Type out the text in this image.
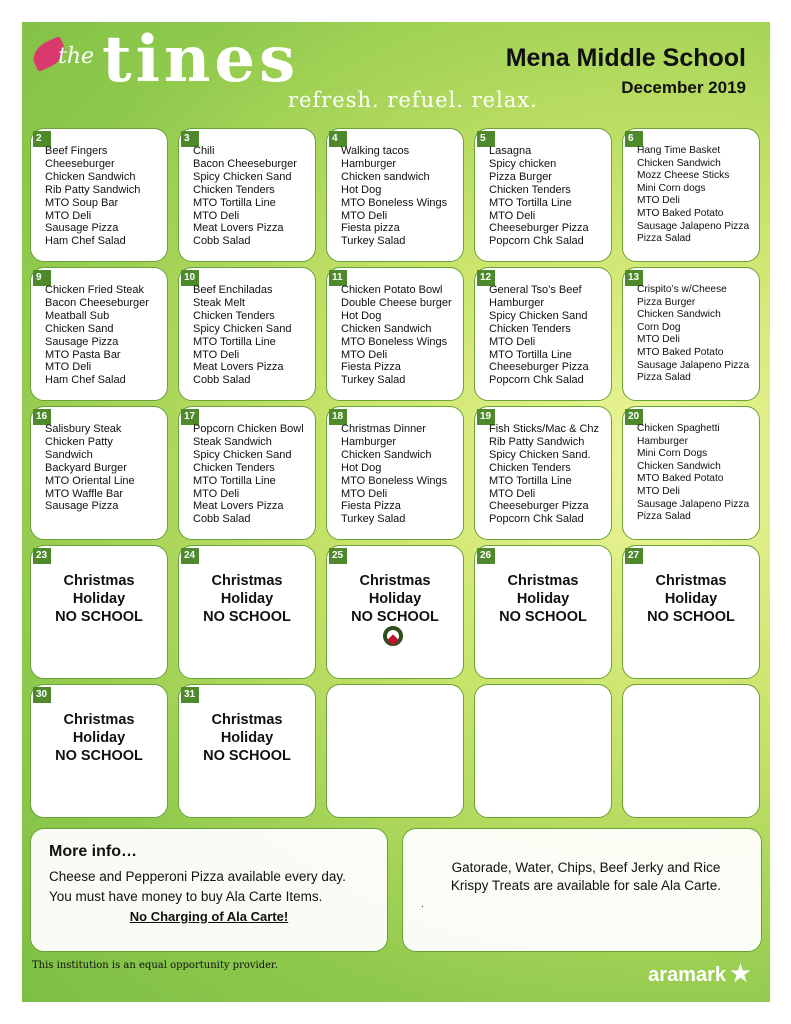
the tines
refresh. refuel. relax.
Mena Middle School
December 2019
2
Beef Fingers
Cheeseburger
Chicken Sandwich
Rib Patty Sandwich
MTO Soup Bar
MTO Deli
Sausage Pizza
Ham Chef Salad
3
Chili
Bacon Cheeseburger
Spicy Chicken Sand
Chicken Tenders
MTO Tortilla Line
MTO Deli
Meat Lovers Pizza
Cobb Salad
4
Walking tacos
Hamburger
Chicken sandwich
Hot Dog
MTO Boneless Wings
MTO Deli
Fiesta pizza
Turkey Salad
5
Lasagna
Spicy chicken
Pizza Burger
Chicken Tenders
MTO Tortilla Line
MTO Deli
Cheeseburger Pizza
Popcorn Chk Salad
6
Hang Time Basket
Chicken Sandwich
Mozz Cheese Sticks
Mini Corn dogs
MTO Deli
MTO Baked Potato
Sausage Jalapeno Pizza
Pizza Salad
9
Chicken Fried Steak
Bacon Cheeseburger
Meatball Sub
Chicken Sand
Sausage Pizza
MTO Pasta Bar
MTO Deli
Ham Chef Salad
10
Beef Enchiladas
Steak Melt
Chicken Tenders
Spicy Chicken Sand
MTO Tortilla Line
MTO Deli
Meat Lovers Pizza
Cobb Salad
11
Chicken Potato Bowl
Double Cheese burger
Hot Dog
Chicken Sandwich
MTO Boneless Wings
MTO Deli
Fiesta Pizza
Turkey Salad
12
General Tso’s Beef
Hamburger
Spicy Chicken Sand
Chicken Tenders
MTO Deli
MTO Tortilla Line
Cheeseburger Pizza
Popcorn Chk Salad
13
Crispito’s w/Cheese
Pizza Burger
Chicken Sandwich
Corn Dog
MTO Deli
MTO Baked Potato
Sausage Jalapeno Pizza
Pizza Salad
16
Salisbury Steak
Chicken Patty
Sandwich
Backyard Burger
MTO Oriental Line
MTO Waffle Bar
Sausage Pizza
17
Popcorn Chicken Bowl
Steak Sandwich
Spicy Chicken Sand
Chicken Tenders
MTO Tortilla Line
MTO Deli
Meat Lovers Pizza
Cobb Salad
18
Christmas Dinner
Hamburger
Chicken Sandwich
Hot Dog
MTO Boneless Wings
MTO Deli
Fiesta Pizza
Turkey Salad
19
Fish Sticks/Mac & Chz
Rib Patty Sandwich
Spicy Chicken Sand.
Chicken Tenders
MTO Tortilla Line
MTO Deli
Cheeseburger Pizza
Popcorn Chk Salad
20
Chicken Spaghetti
Hamburger
Mini Corn Dogs
Chicken Sandwich
MTO Baked Potato
MTO Deli
Sausage Jalapeno Pizza
Pizza Salad
23
Christmas
Holiday
NO SCHOOL
24
Christmas
Holiday
NO SCHOOL
25
Christmas
Holiday
NO SCHOOL
26
Christmas
Holiday
NO SCHOOL
27
Christmas
Holiday
NO SCHOOL
30
Christmas
Holiday
NO SCHOOL
31
Christmas
Holiday
NO SCHOOL
More info…
Cheese and Pepperoni Pizza available every day.
You must have money to buy Ala Carte Items.
No Charging of Ala Carte!
Gatorade, Water, Chips, Beef Jerky and Rice Krispy Treats are available for sale Ala Carte.
.
This institution is an equal opportunity provider.	aramark ★
